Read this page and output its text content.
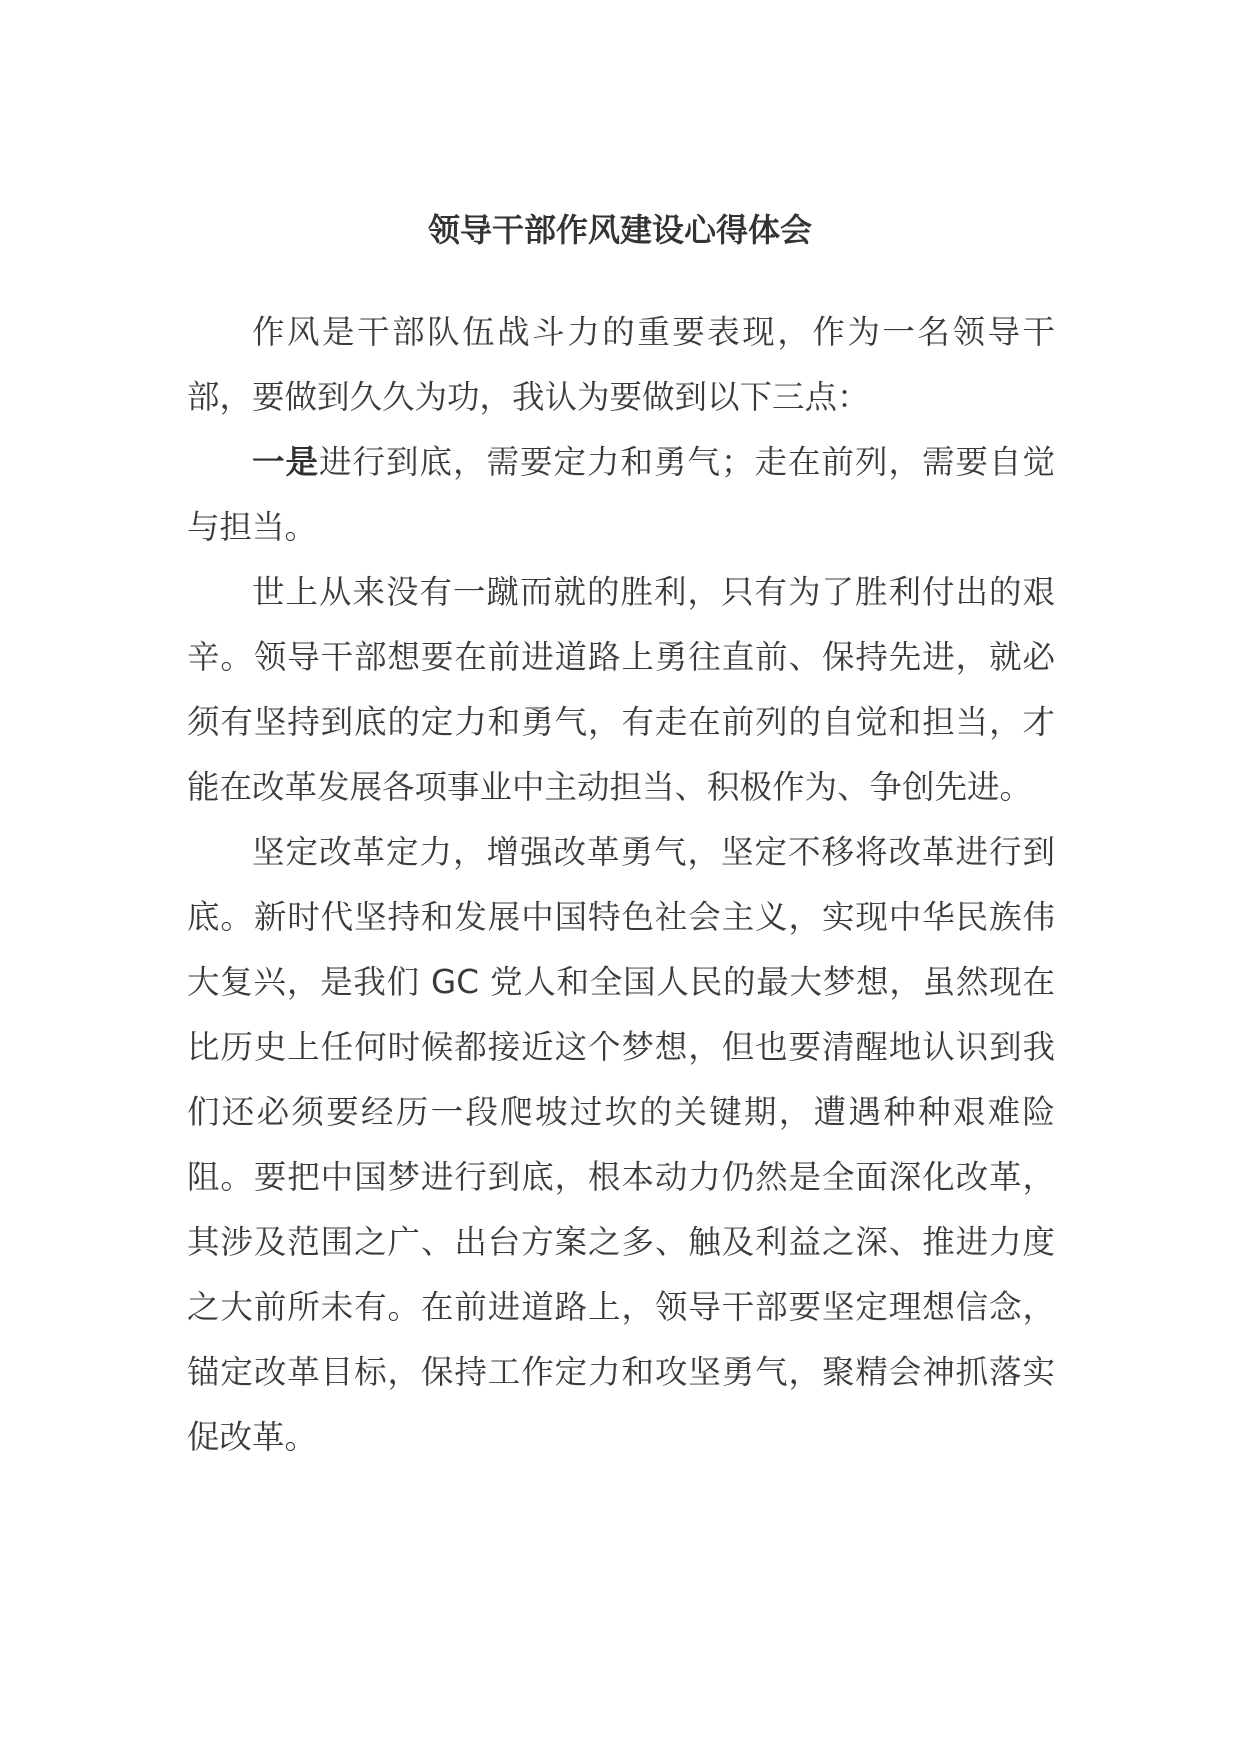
领导干部作风建设心得体会

作风是干部队伍战斗力的重要表现，作为一名领导干部，要做到久久为功，我认为要做到以下三点：

一是进行到底，需要定力和勇气；走在前列，需要自觉与担当。

世上从来没有一蹴而就的胜利，只有为了胜利付出的艰辛。领导干部想要在前进道路上勇往直前、保持先进，就必须有坚持到底的定力和勇气，有走在前列的自觉和担当，才能在改革发展各项事业中主动担当、积极作为、争创先进。

坚定改革定力，增强改革勇气，坚定不移将改革进行到底。新时代坚持和发展中国特色社会主义，实现中华民族伟大复兴，是我们 GC 党人和全国人民的最大梦想，虽然现在比历史上任何时候都接近这个梦想，但也要清醒地认识到我们还必须要经历一段爬坡过坎的关键期，遭遇种种艰难险阻。要把中国梦进行到底，根本动力仍然是全面深化改革，其涉及范围之广、出台方案之多、触及利益之深、推进力度之大前所未有。在前进道路上，领导干部要坚定理想信念，锚定改革目标，保持工作定力和攻坚勇气，聚精会神抓落实促改革。
